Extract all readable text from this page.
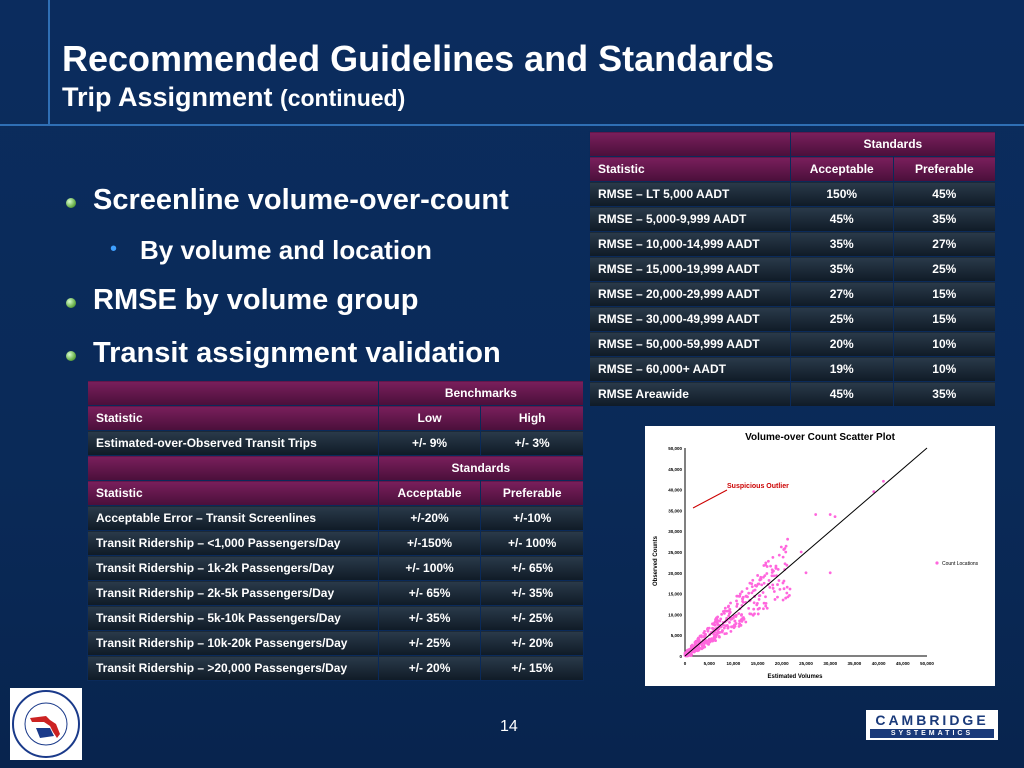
Recommended Guidelines and Standards
Trip Assignment (continued)
Screenline volume-over-count
• By volume and location
RMSE by volume group
Transit assignment validation
	Standards	
Statistic	Acceptable	Preferable
RMSE – LT 5,000 AADT	150%	45%
RMSE – 5,000-9,999 AADT	45%	35%
RMSE – 10,000-14,999 AADT	35%	27%
RMSE – 15,000-19,999 AADT	35%	25%
RMSE – 20,000-29,999 AADT	27%	15%
RMSE – 30,000-49,999 AADT	25%	15%
RMSE – 50,000-59,999 AADT	20%	10%
RMSE – 60,000+ AADT	19%	10%
RMSE Areawide	45%	35%
	Benchmarks	
Statistic	Low	High
Estimated-over-Observed Transit Trips	+/- 9%	+/- 3%
	Standards	
Statistic	Acceptable	Preferable
Acceptable Error – Transit Screenlines	+/-20%	+/-10%
Transit Ridership – <1,000 Passengers/Day	+/-150%	+/- 100%
Transit Ridership – 1k-2k Passengers/Day	+/- 100%	+/- 65%
Transit Ridership – 2k-5k Passengers/Day	+/- 65%	+/- 35%
Transit Ridership – 5k-10k Passengers/Day	+/- 35%	+/- 25%
Transit Ridership – 10k-20k Passengers/Day	+/- 25%	+/- 20%
Transit Ridership – >20,000 Passengers/Day	+/- 20%	+/- 15%
Volume-over Count Scatter Plot
Estimated Volumes
Observed Counts
0
0
5,000
5,000
10,000
10,000
15,000
15,000
20,000
20,000
25,000
25,000
30,000
30,000
35,000
35,000
40,000
40,000
45,000
45,000
50,000
50,000
Count Locations
Suspicious Outlier
14	CAMBRIDGE
SYSTEMATICS
